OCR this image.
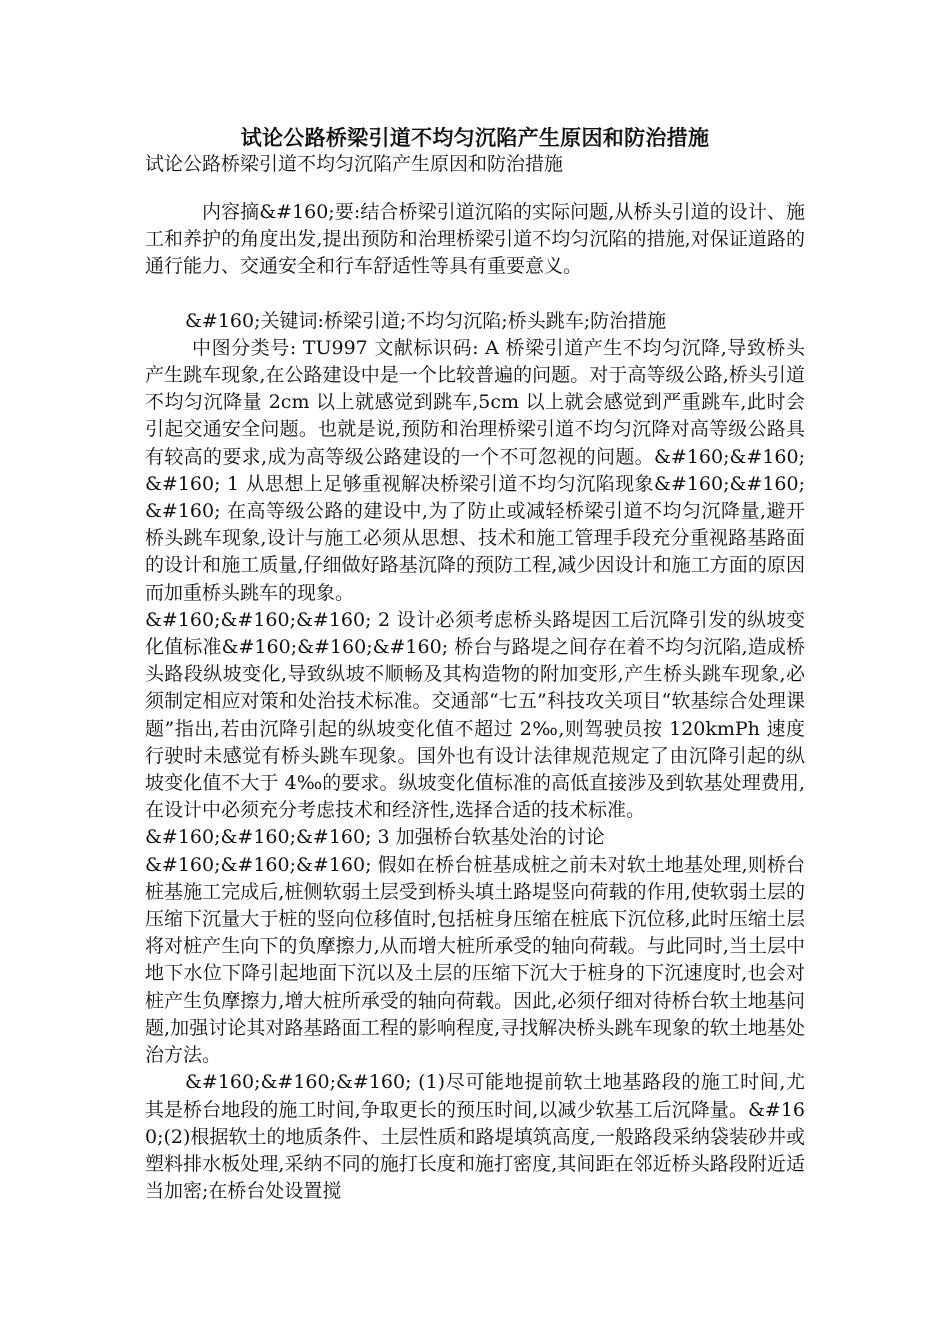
试论公路桥梁引道不均匀沉陷产生原因和防治措施
试论公路桥梁引道不均匀沉陷产生原因和防治措施

内容摘&#160;要:结合桥梁引道沉陷的实际问题,从桥头引道的设计、施工和养护的角度出发,提出预防和治理桥梁引道不均匀沉陷的措施,对保证道路的通行能力、交通安全和行车舒适性等具有重要意义。

&#160;关键词:桥梁引道;不均匀沉陷;桥头跳车;防治措施

中图分类号: TU997 文献标识码: A 桥梁引道产生不均匀沉降,导致桥头产生跳车现象,在公路建设中是一个比较普遍的问题。对于高等级公路,桥头引道不均匀沉降量 2cm 以上就感觉到跳车,5cm 以上就会感觉到严重跳车,此时会引起交通安全问题。也就是说,预防和治理桥梁引道不均匀沉降对高等级公路具有较高的要求,成为高等级公路建设的一个不可忽视的问题。&#160;&#160;&#160; 1 从思想上足够重视解决桥梁引道不均匀沉陷现象&#160;&#160;&#160; 在高等级公路的建设中,为了防止或减轻桥梁引道不均匀沉降量,避开桥头跳车现象,设计与施工必须从思想、技术和施工管理手段充分重视路基路面的设计和施工质量,仔细做好路基沉降的预防工程,减少因设计和施工方面的原因而加重桥头跳车的现象。

&#160;&#160;&#160; 2 设计必须考虑桥头路堤因工后沉降引发的纵坡变化值标准&#160;&#160;&#160; 桥台与路堤之间存在着不均匀沉陷,造成桥头路段纵坡变化,导致纵坡不顺畅及其构造物的附加变形,产生桥头跳车现象,必须制定相应对策和处治技术标准。交通部“七五”科技攻关项目“软基综合处理课题”指出,若由沉降引起的纵坡变化值不超过 2‰,则驾驶员按 120kmPh 速度行驶时未感觉有桥头跳车现象。国外也有设计法律规范规定了由沉降引起的纵坡变化值不大于 4‰的要求。纵坡变化值标准的高低直接涉及到软基处理费用,在设计中必须充分考虑技术和经济性,选择合适的技术标准。

&#160;&#160;&#160; 3 加强桥台软基处治的讨论

&#160;&#160;&#160; 假如在桥台桩基成桩之前未对软土地基处理,则桥台桩基施工完成后,桩侧软弱土层受到桥头填土路堤竖向荷载的作用,使软弱土层的压缩下沉量大于桩的竖向位移值时,包括桩身压缩在桩底下沉位移,此时压缩土层将对桩产生向下的负摩擦力,从而增大桩所承受的轴向荷载。与此同时,当土层中地下水位下降引起地面下沉以及土层的压缩下沉大于桩身的下沉速度时,也会对桩产生负摩擦力,增大桩所承受的轴向荷载。因此,必须仔细对待桥台软土地基问题,加强讨论其对路基路面工程的影响程度,寻找解决桥头跳车现象的软土地基处治方法。

&#160;&#160;&#160; (1)尽可能地提前软土地基路段的施工时间,尤其是桥台地段的施工时间,争取更长的预压时间,以减少软基工后沉降量。&#160;(2)根据软土的地质条件、土层性质和路堤填筑高度,一般路段采纳袋装砂井或塑料排水板处理,采纳不同的施打长度和施打密度,其间距在邻近桥头路段附近适当加密;在桥台处设置搅
